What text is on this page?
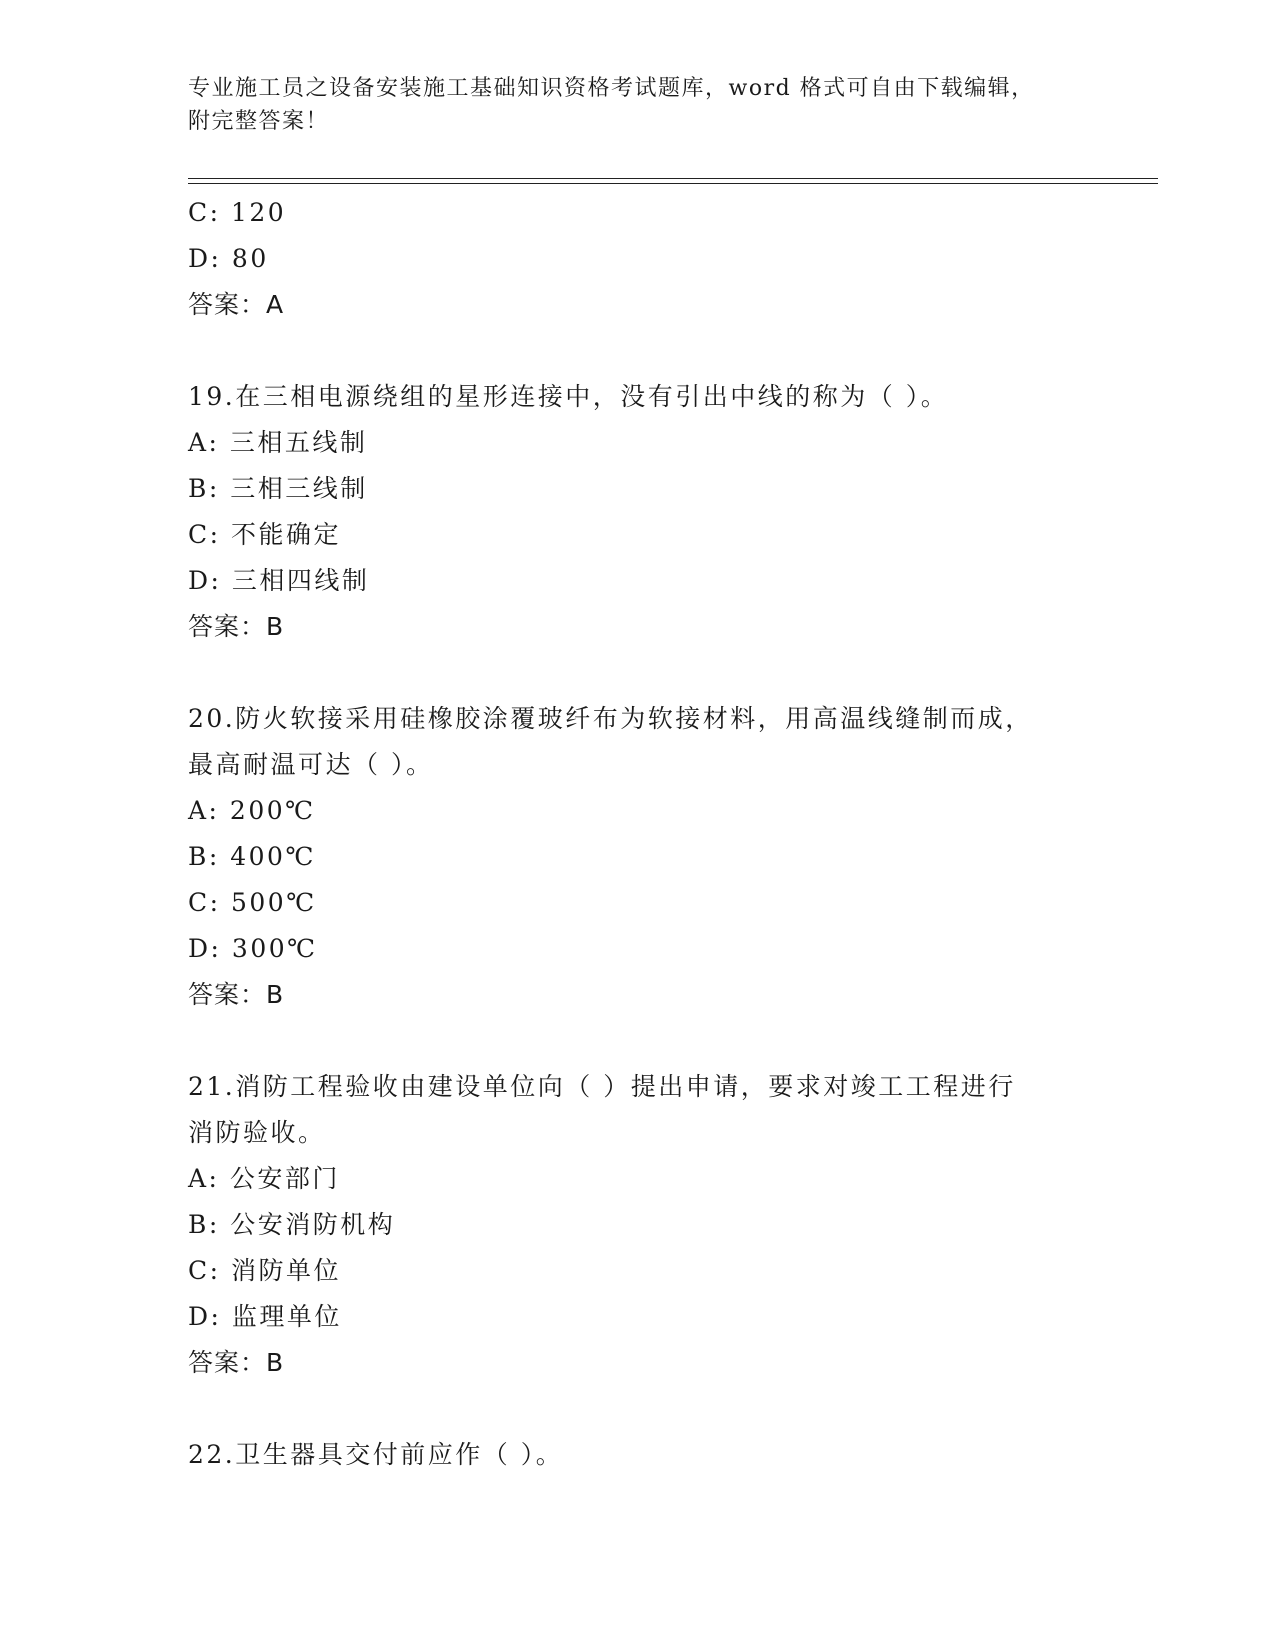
专业施工员之设备安装施工基础知识资格考试题库，word 格式可自由下载编辑，
附完整答案！
C: 120
D: 80
答案：A
19.在三相电源绕组的星形连接中，没有引出中线的称为（ ）。
A: 三相五线制
B: 三相三线制
C: 不能确定
D: 三相四线制
答案：B
20.防火软接采用硅橡胶涂覆玻纤布为软接材料，用高温线缝制而成，
最高耐温可达（ ）。
A: 200℃
B: 400℃
C: 500℃
D: 300℃
答案：B
21.消防工程验收由建设单位向（ ）提出申请，要求对竣工工程进行
消防验收。
A: 公安部门
B: 公安消防机构
C: 消防单位
D: 监理单位
答案：B
22.卫生器具交付前应作（ ）。
